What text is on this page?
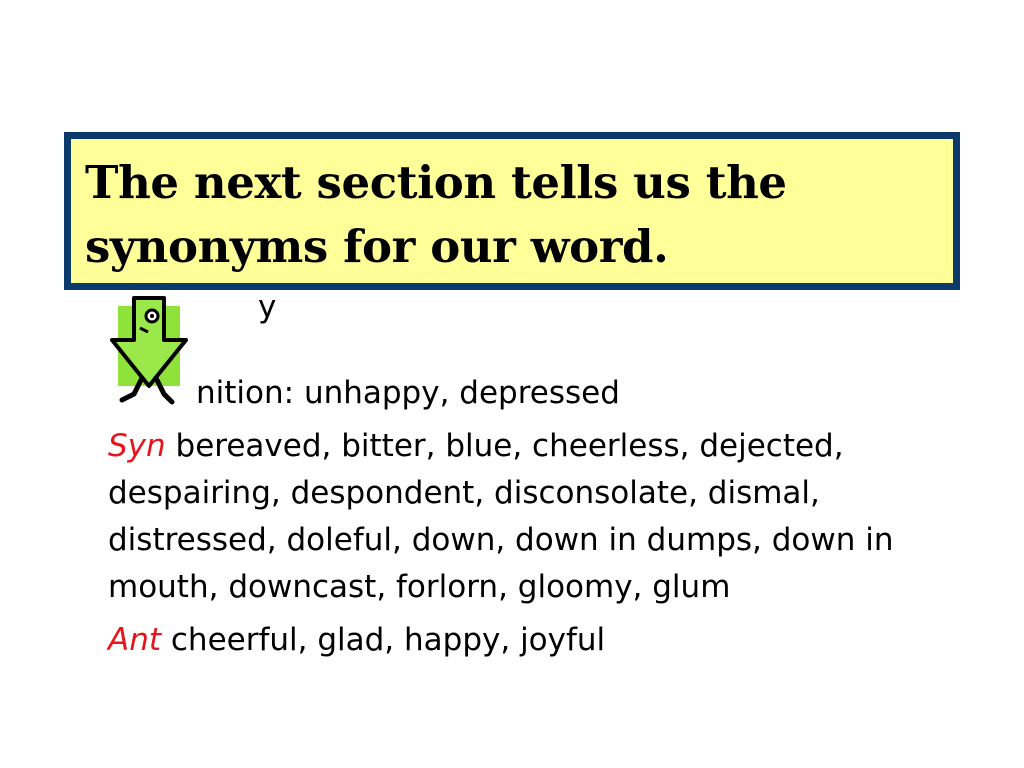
y

nition: unhappy, depressed

Syn bereaved, bitter, blue, cheerless, dejected, despairing, despondent, disconsolate, dismal, distressed, doleful, down, down in dumps, down in mouth, downcast, forlorn, gloomy, glum

Ant cheerful, glad, happy, joyful

The next section tells us the
synonyms for our word.
